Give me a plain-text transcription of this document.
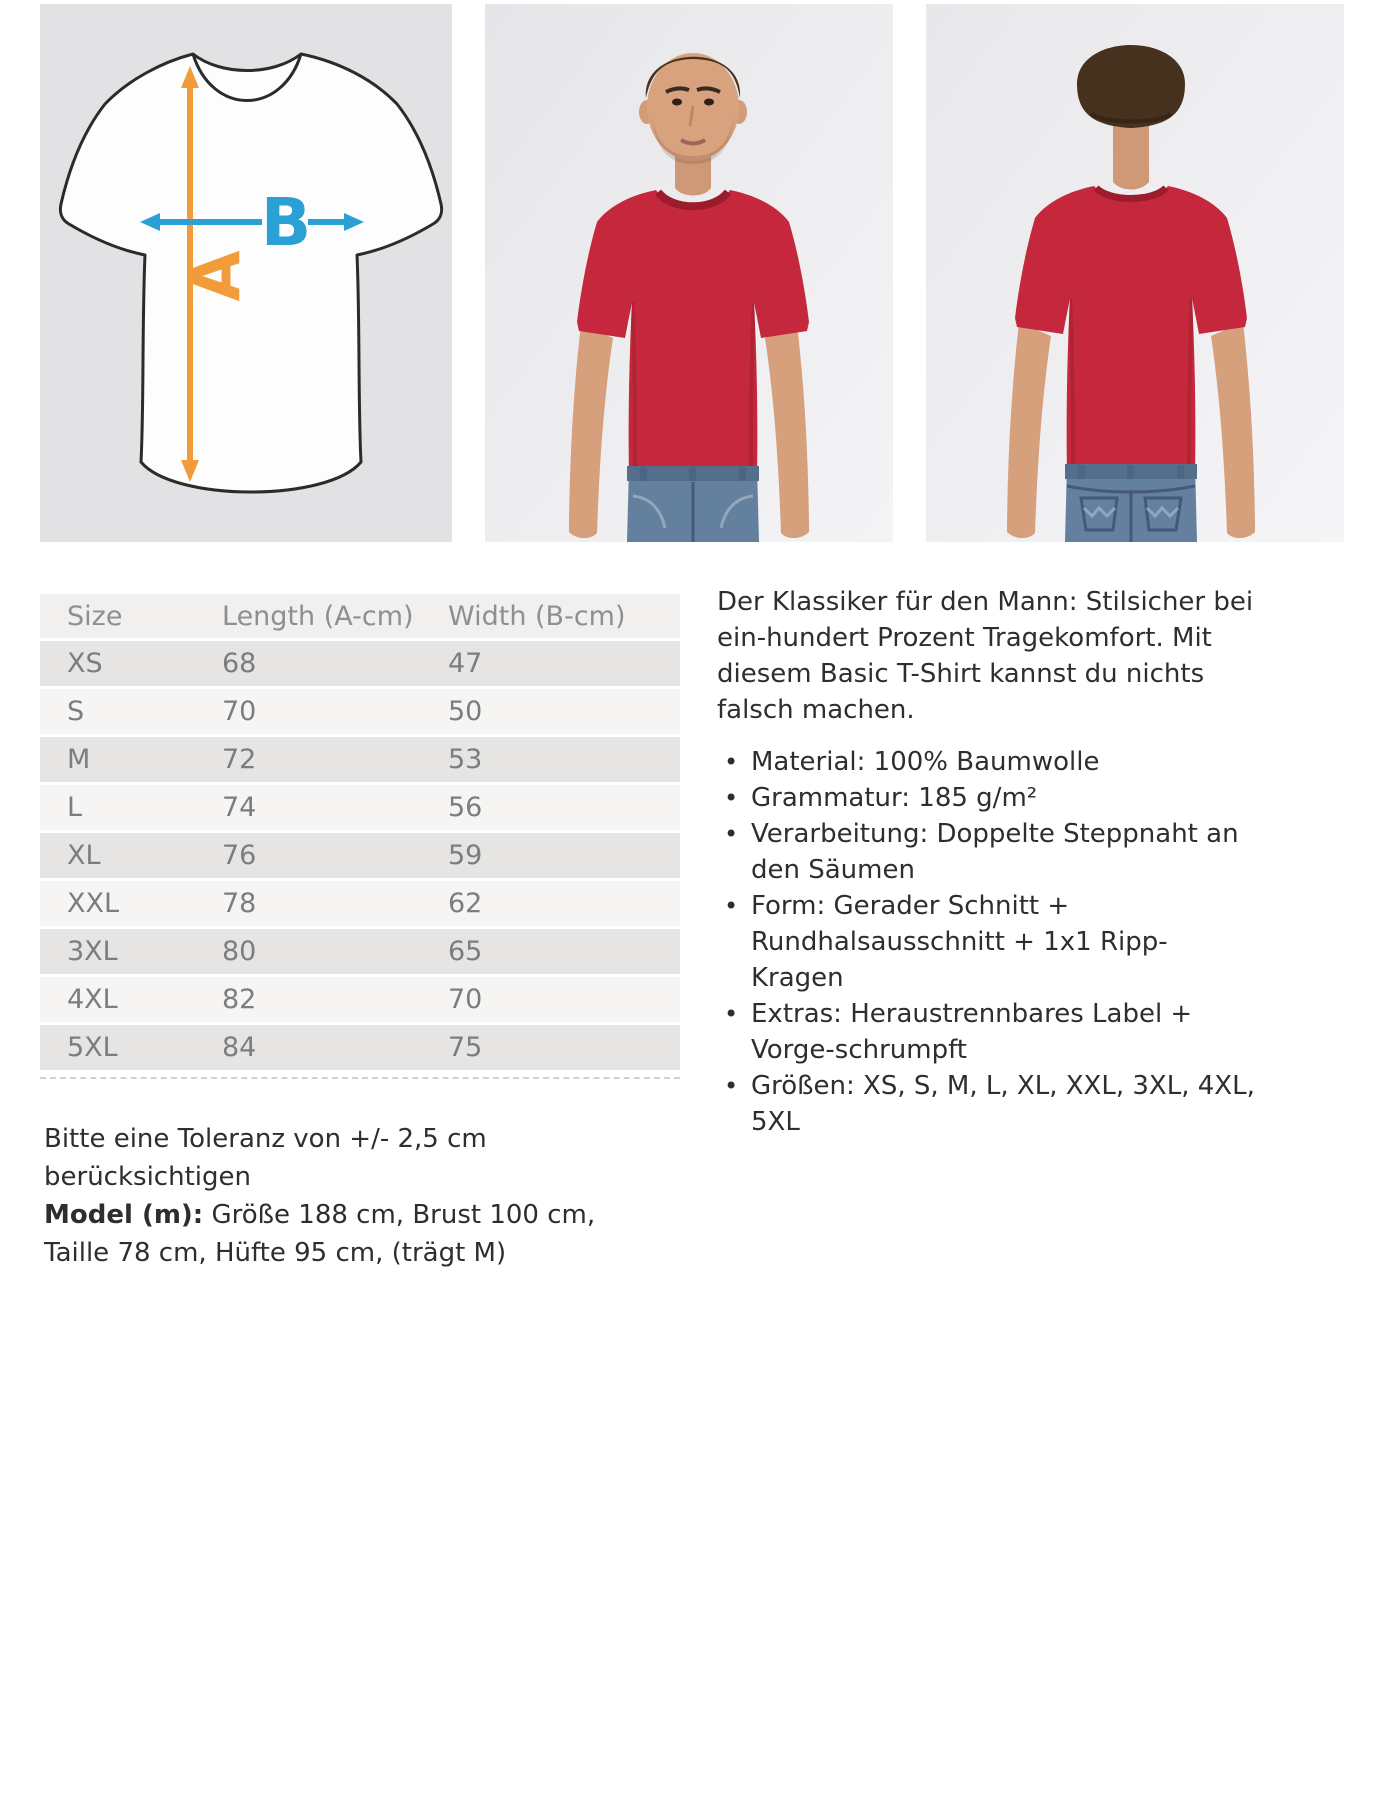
A
B
Size	Length (A-cm)	Width (B-cm)
XS	68	47
S	70	50
M	72	53
L	74	56
XL	76	59
XXL	78	62
3XL	80	65
4XL	82	70
5XL	84	75

Der Klassiker für den Mann: Stilsicher bei ein-hundert Prozent Tragekomfort. Mit diesem Basic T-Shirt kannst du nichts falsch machen.

• Material: 100% Baumwolle
• Grammatur: 185 g/m²
• Verarbeitung: Doppelte Steppnaht an den Säumen
• Form: Gerader Schnitt + Rundhalsausschnitt + 1x1 Ripp-Kragen
• Extras: Heraustrennbares Label + Vorge-schrumpft
• Größen: XS, S, M, L, XL, XXL, 3XL, 4XL, 5XL

Bitte eine Toleranz von +/- 2,5 cm berücksichtigen

Model (m): Größe 188 cm, Brust 100 cm, Taille 78 cm, Hüfte 95 cm, (trägt M)
